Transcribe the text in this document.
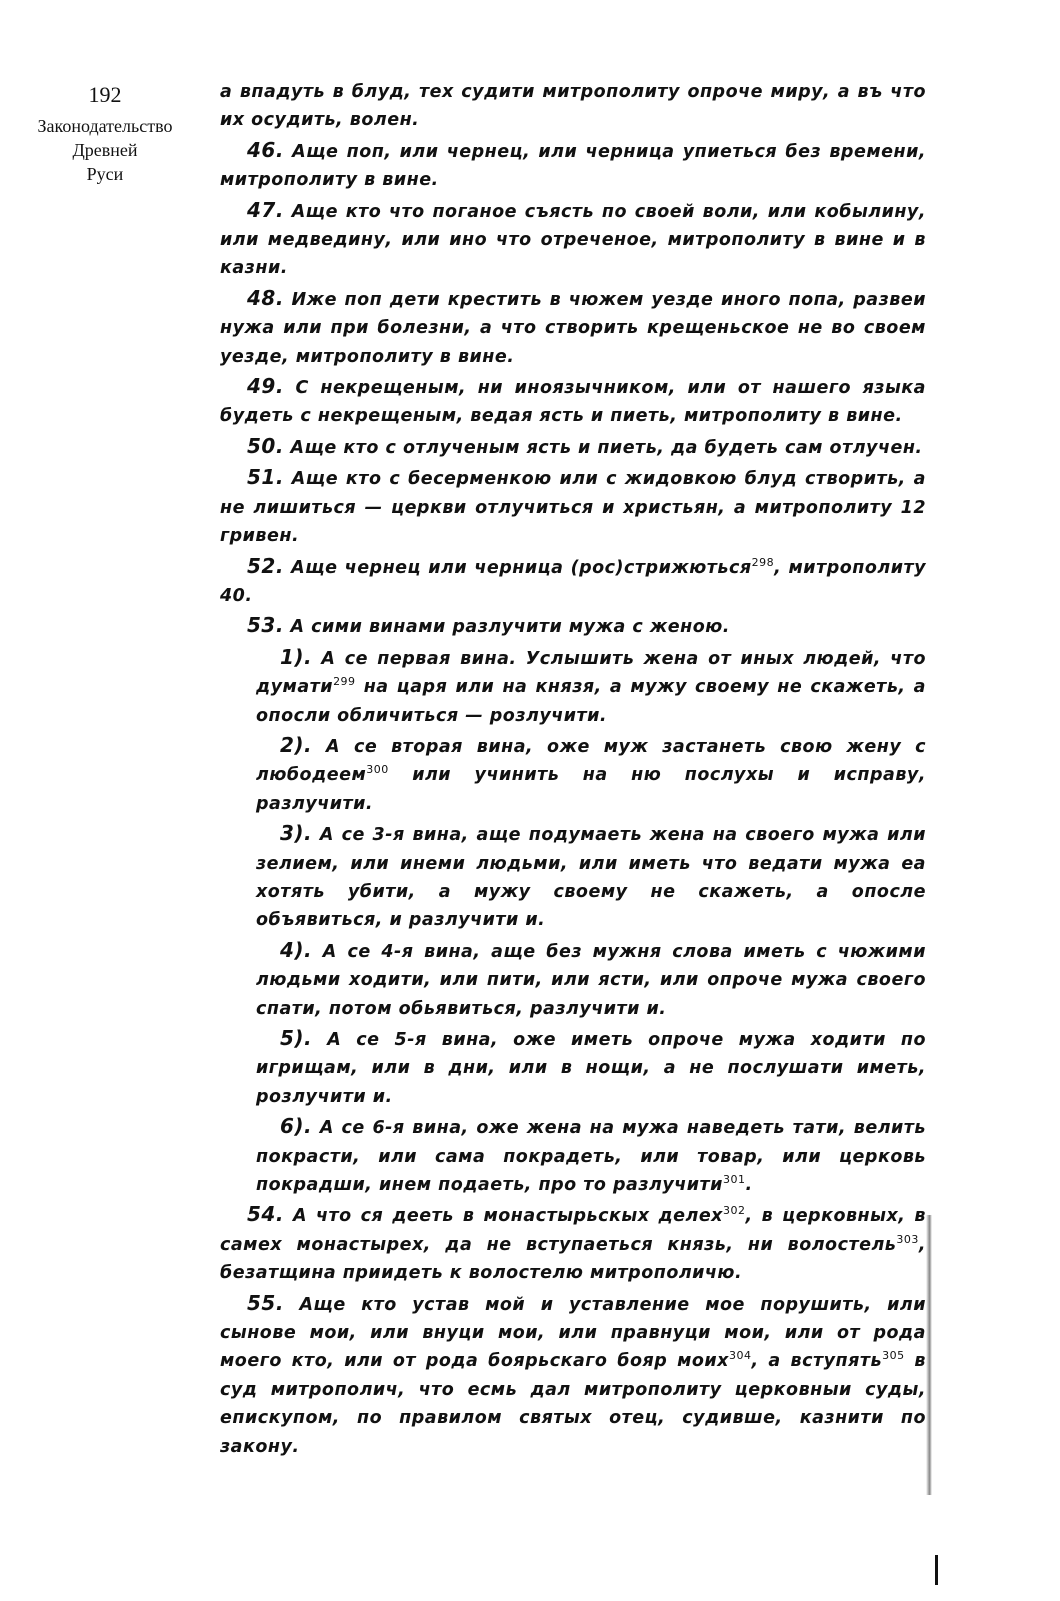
192
Законодательство
Древней
Руси

а впадуть в блуд, тех судити митрополиту опроче миру, а въ что их осудить, волен.

46. Аще поп, или чернец, или черница упиеться без времени, митрополиту в вине.

47. Аще кто что поганое съясть по своей воли, или кобылину, или медведину, или ино что отреченое, митрополиту в вине и в казни.

48. Иже поп дети крестить в чюжем уезде иного попа, развеи нужа или при болезни, а что створить крещеньское не во своем уезде, митрополиту в вине.

49. С некрещеным, ни иноязычником, или от нашего языка будеть с некрещеным, ведая ясть и пиеть, митрополиту в вине.

50. Аще кто с отлученым ясть и пиеть, да будеть сам отлучен.

51. Аще кто с бесерменкою или с жидовкою блуд створить, а не лишиться — церкви отлучиться и христьян, а митрополиту 12 гривен.

52. Аще чернец или черница (рос)стрижються$^{298}$, митрополиту 40.

53. А сими винами разлучити мужа с женою.

1). А се первая вина. Услышить жена от иных людей, что думати$^{299}$ на царя или на князя, а мужу своему не скажеть, а опосли обличиться — розлучити.

2). А се вторая вина, оже муж застанеть свою жену с любодеем$^{300}$ или учинить на ню послухы и исправу, разлучити.

3). А се 3-я вина, аще подумаеть жена на своего мужа или зелием, или инеми людьми, или иметь что ведати мужа еа хотять убити, а мужу своему не скажеть, а опосле объявиться, и разлучити и.

4). А се 4-я вина, аще без мужня слова иметь с чюжими людьми ходити, или пити, или ясти, или опроче мужа своего спати, потом обьявиться, разлучити и.

5). А се 5-я вина, оже иметь опроче мужа ходити по игрищам, или в дни, или в нощи, а не послушати иметь, розлучити и.

6). А се 6-я вина, оже жена на мужа наведеть тати, велить покрасти, или сама покрадеть, или товар, или церковь покрадши, инем подаеть, про то разлучити$^{301}$.

54. А что ся дееть в монастырьскых делех$^{302}$, в церковных, в самех монастырех, да не вступаеться князь, ни волостель$^{303}$, безатщина приидеть к волостелю митрополичю.

55. Аще кто устав мой и уставление мое порушить, или сынове мои, или внуци мои, или правнуци мои, или от рода моего кто, или от рода боярьскаго бояр моих$^{304}$, а вступять$^{305}$ в суд митрополич, что есмь дал митрополиту церковныи суды, епискупом, по правилом святых отец, судивше, казнити по закону.
